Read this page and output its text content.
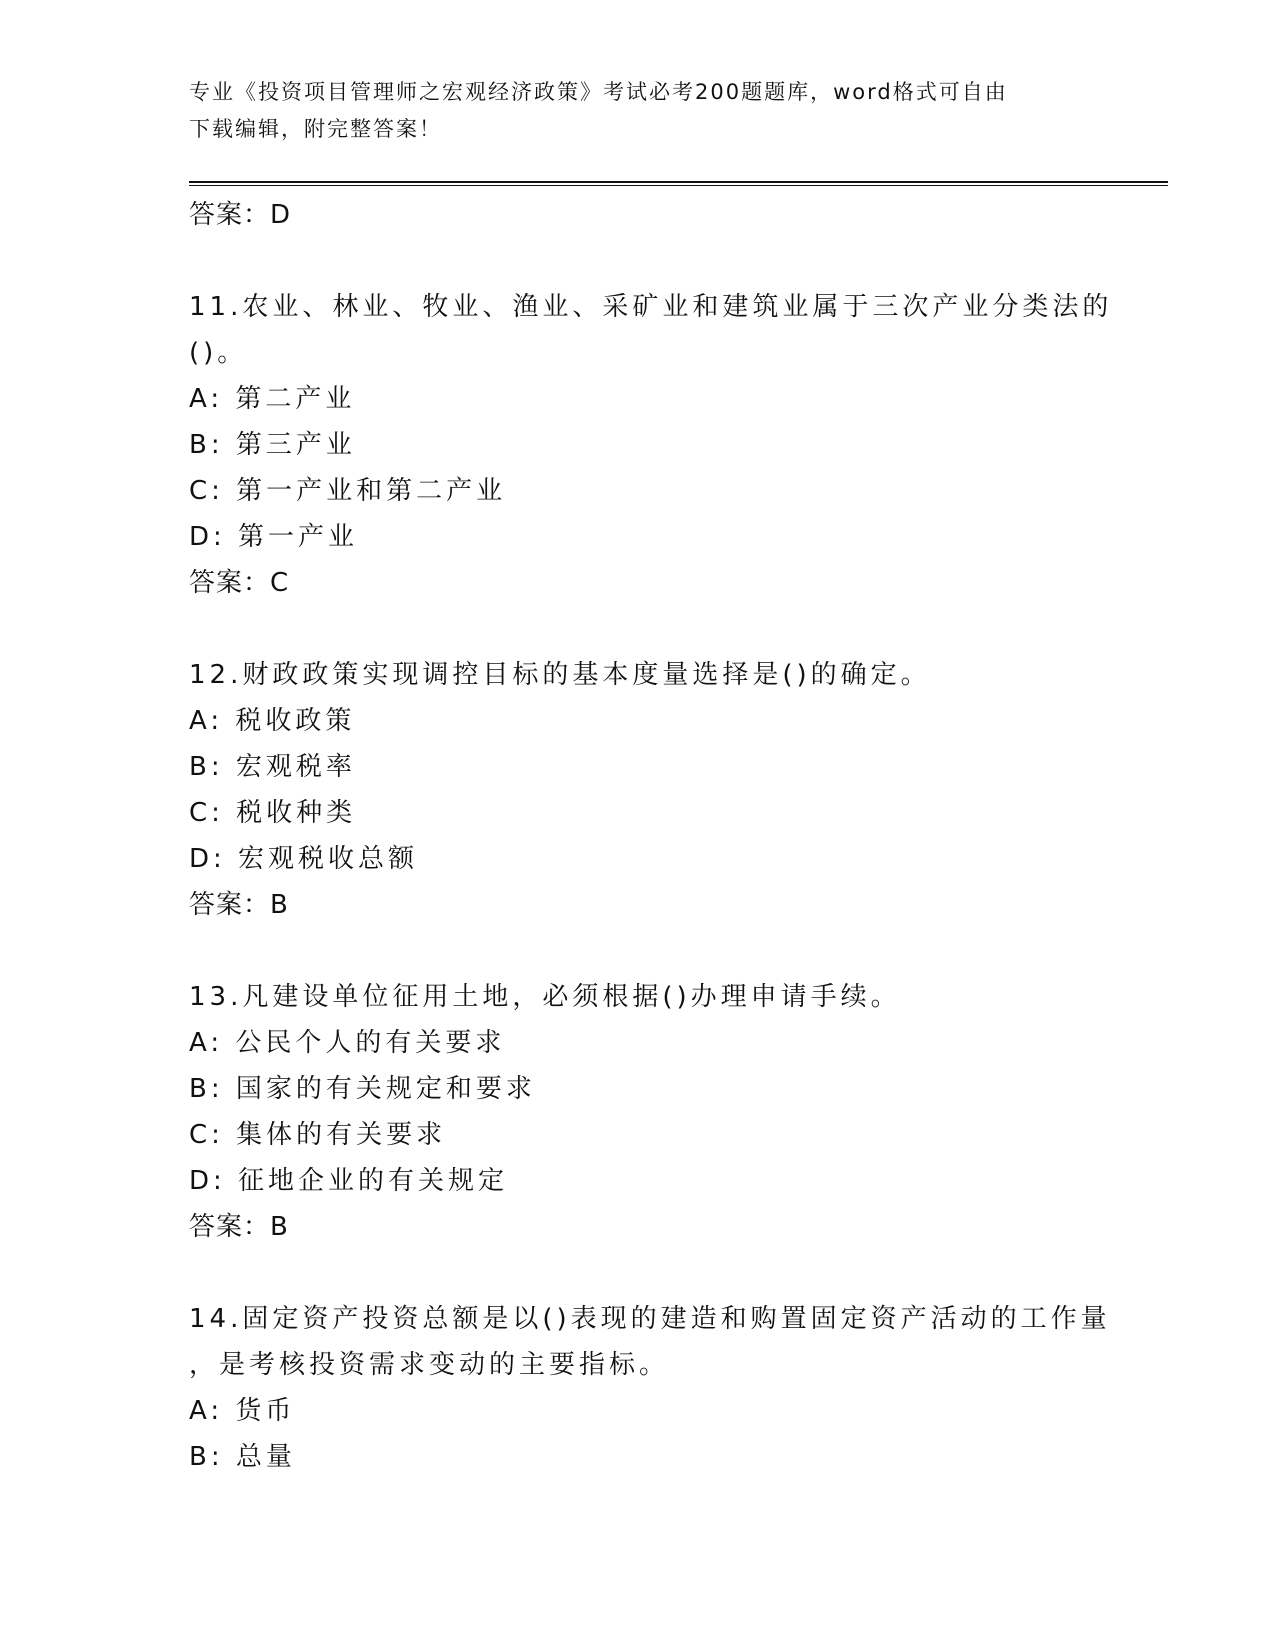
专业《投资项目管理师之宏观经济政策》考试必考200题题库，word格式可自由
下载编辑，附完整答案！
答案：D
11.农业、林业、牧业、渔业、采矿业和建筑业属于三次产业分类法的
()。
A: 第二产业
B: 第三产业
C: 第一产业和第二产业
D: 第一产业
答案：C
12.财政政策实现调控目标的基本度量选择是()的确定。
A: 税收政策
B: 宏观税率
C: 税收种类
D: 宏观税收总额
答案：B
13.凡建设单位征用土地，必须根据()办理申请手续。
A: 公民个人的有关要求
B: 国家的有关规定和要求
C: 集体的有关要求
D: 征地企业的有关规定
答案：B
14.固定资产投资总额是以()表现的建造和购置固定资产活动的工作量
，是考核投资需求变动的主要指标。
A: 货币
B: 总量
